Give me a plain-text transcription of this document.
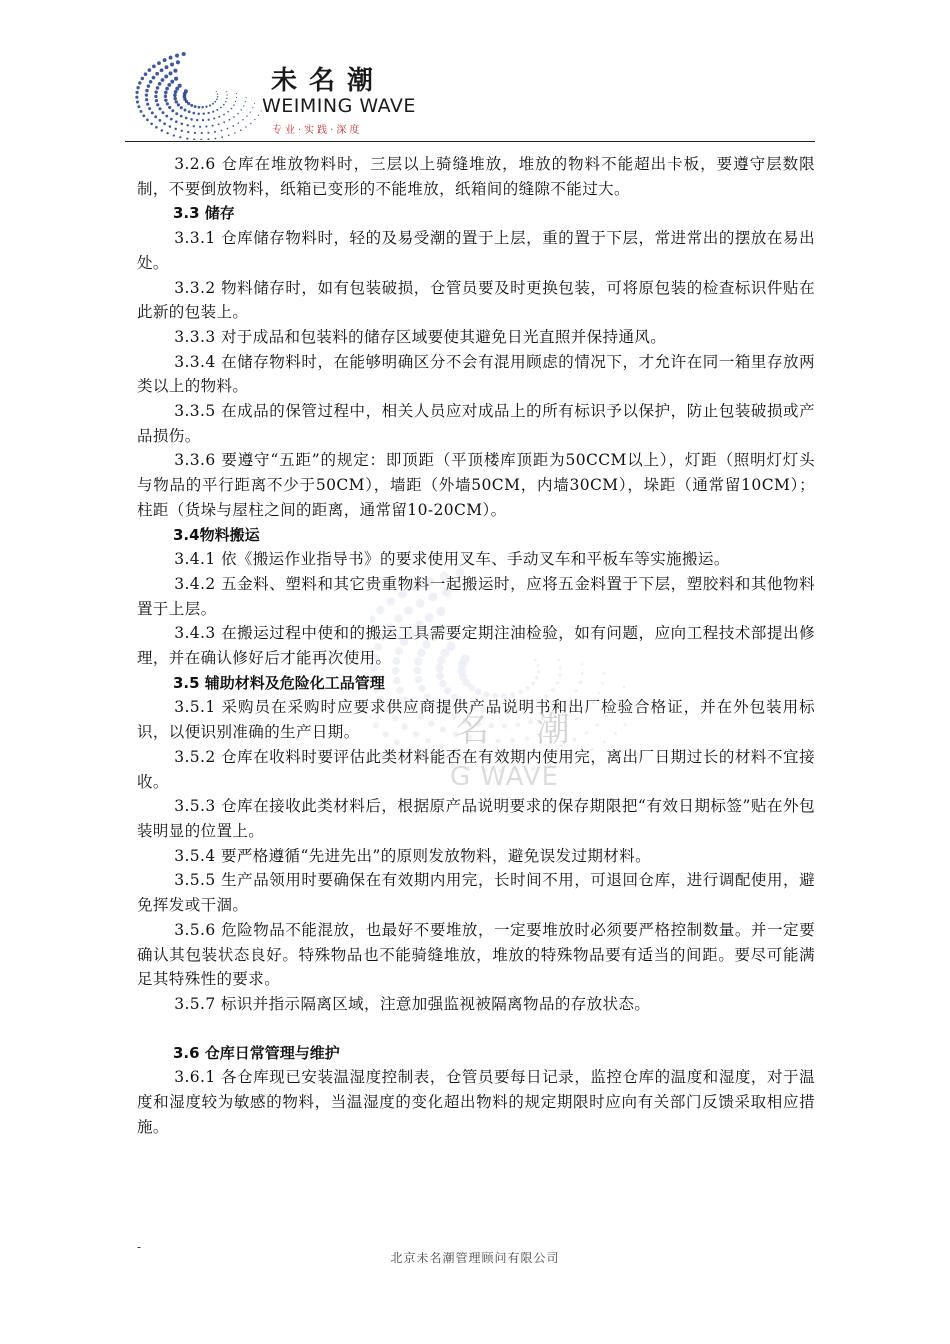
未名潮
WEIMING WAVE
专业·实践·深度
名 潮
G WAVE
3.2.6 仓库在堆放物料时，三层以上骑缝堆放，堆放的物料不能超出卡板，要遵守层数限制，不要倒放物料，纸箱已变形的不能堆放，纸箱间的缝隙不能过大。
3.3 储存
3.3.1 仓库储存物料时，轻的及易受潮的置于上层，重的置于下层，常进常出的摆放在易出处。
3.3.2 物料储存时，如有包装破损，仓管员要及时更换包装，可将原包装的检查标识件贴在此新的包装上。
3.3.3 对于成品和包装料的储存区域要使其避免日光直照并保持通风。
3.3.4 在储存物料时，在能够明确区分不会有混用顾虑的情况下，才允许在同一箱里存放两类以上的物料。
3.3.5 在成品的保管过程中，相关人员应对成品上的所有标识予以保护，防止包装破损或产品损伤。
3.3.6 要遵守“五距”的规定：即顶距（平顶楼库顶距为50CCM以上），灯距（照明灯灯头与物品的平行距离不少于50CM），墙距（外墙50CM，内墙30CM），垛距（通常留10CM）；柱距（货垛与屋柱之间的距离，通常留10-20CM）。
3.4物料搬运
3.4.1 依《搬运作业指导书》的要求使用叉车、手动叉车和平板车等实施搬运。
3.4.2 五金料、塑料和其它贵重物料一起搬运时，应将五金料置于下层，塑胶料和其他物料置于上层。
3.4.3 在搬运过程中使和的搬运工具需要定期注油检验，如有问题，应向工程技术部提出修理，并在确认修好后才能再次使用。
3.5 辅助材料及危险化工品管理
3.5.1 采购员在采购时应要求供应商提供产品说明书和出厂检验合格证，并在外包装用标识，以便识别准确的生产日期。
3.5.2 仓库在收料时要评估此类材料能否在有效期内使用完，离出厂日期过长的材料不宜接收。
3.5.3 仓库在接收此类材料后，根据原产品说明要求的保存期限把“有效日期标签”贴在外包装明显的位置上。
3.5.4 要严格遵循“先进先出”的原则发放物料，避免误发过期材料。
3.5.5 生产品领用时要确保在有效期内用完，长时间不用，可退回仓库，进行调配使用，避免挥发或干涸。
3.5.6 危险物品不能混放，也最好不要堆放，一定要堆放时必须要严格控制数量。并一定要确认其包装状态良好。特殊物品也不能骑缝堆放，堆放的特殊物品要有适当的间距。要尽可能满足其特殊性的要求。
3.5.7 标识并指示隔离区域，注意加强监视被隔离物品的存放状态。
3.6 仓库日常管理与维护
3.6.1 各仓库现已安装温湿度控制表，仓管员要每日记录，监控仓库的温度和湿度，对于温度和湿度较为敏感的物料，当温湿度的变化超出物料的规定期限时应向有关部门反馈采取相应措施。
-
北京未名潮管理顾问有限公司
